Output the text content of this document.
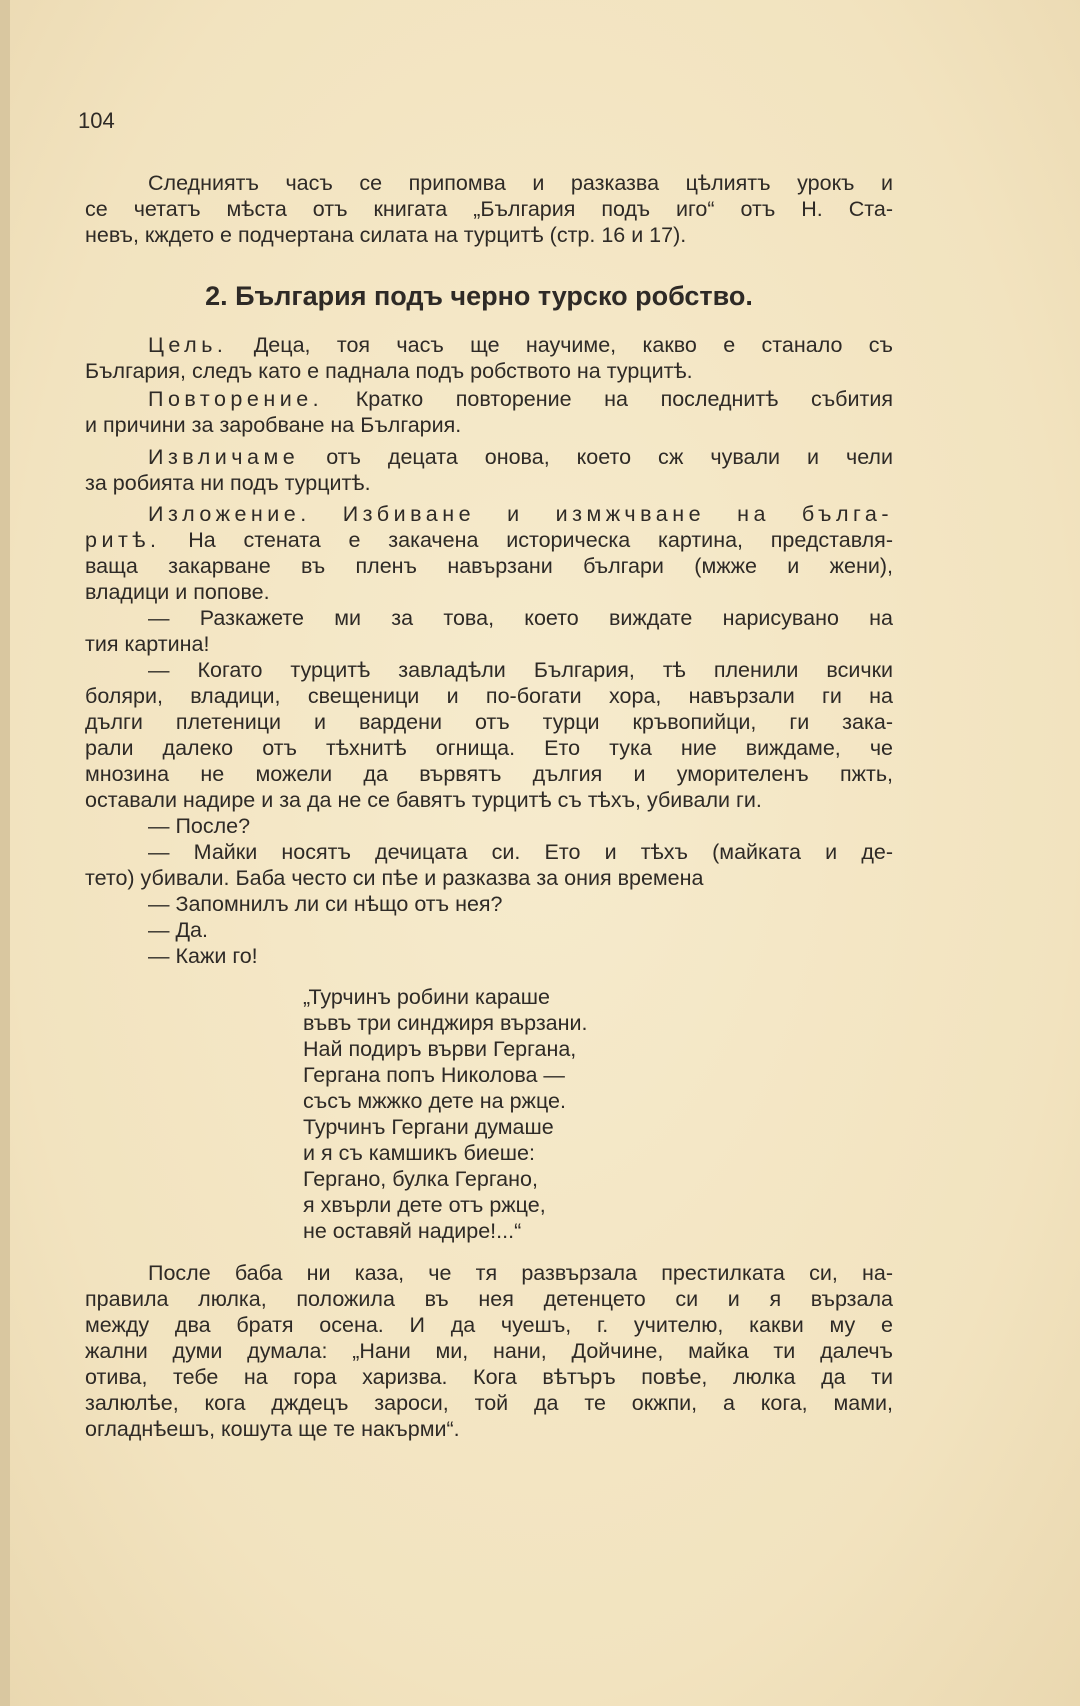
104
Следниятъ часъ се припомва и разказва цѣлиятъ урокъ и
се четатъ мѣста отъ книгата „България подъ иго“ отъ Н. Ста-
невъ, кждето е подчертана силата на турцитѣ (стр. 16 и 17).
2. България подъ черно турско робство.
Цель. Деца, тоя часъ ще научиме, какво е станало съ
България, следъ като е паднала подъ робството на турцитѣ.
Повторение. Кратко повторение на последнитѣ събития
и причини за заробване на България.
Извличаме отъ децата онова, което сж чували и чели
за робията ни подъ турцитѣ.
Изложение. Избиване и измжчване на бълга-
ритѣ. На стената е закачена историческа картина, представля-
ваща закарване въ пленъ навързани българи (мжже и жени),
владици и попове.
— Разкажете ми за това, което виждате нарисувано на
тия картина!
— Когато турцитѣ завладѣли България, тѣ пленили всички
боляри, владици, свещеници и по-богати хора, навързали ги на
дълги плетеници и вардени отъ турци кръвопийци, ги зака-
рали далеко отъ тѣхнитѣ огнища. Ето тука ние виждаме, че
мнозина не можели да вървятъ дългия и уморителенъ пжть,
оставали надире и за да не се бавятъ турцитѣ съ тѣхъ, убивали ги.
— После?
— Майки носятъ дечицата си. Ето и тѣхъ (майката и де-
тето) убивали. Баба често си пѣе и разказва за ония времена
— Запомнилъ ли си нѣщо отъ нея?
— Да.
— Кажи го!
„Турчинъ робини караше
въвъ три синджиря вързани.
Най подиръ върви Гергана,
Гергана попъ Николова —
съсъ мжжко дете на ржце.
Турчинъ Гергани думаше
и я съ камшикъ биеше:
Гергано, булка Гергано,
я хвърли дете отъ ржце,
не оставяй надире!...“
После баба ни каза, че тя развързала престилката си, на-
правила люлка, положила въ нея детенцето си и я вързала
между два братя осена. И да чуешъ, г. учителю, какви му е
жални думи думала: „Нани ми, нани, Дойчине, майка ти далечъ
отива, тебе на гора харизва. Кога вѣтъръ повѣе, люлка да ти
залюлѣе, кога дждецъ зароси, той да те окжпи, а кога, мами,
огладнѣешъ, кошута ще те накърми“.
